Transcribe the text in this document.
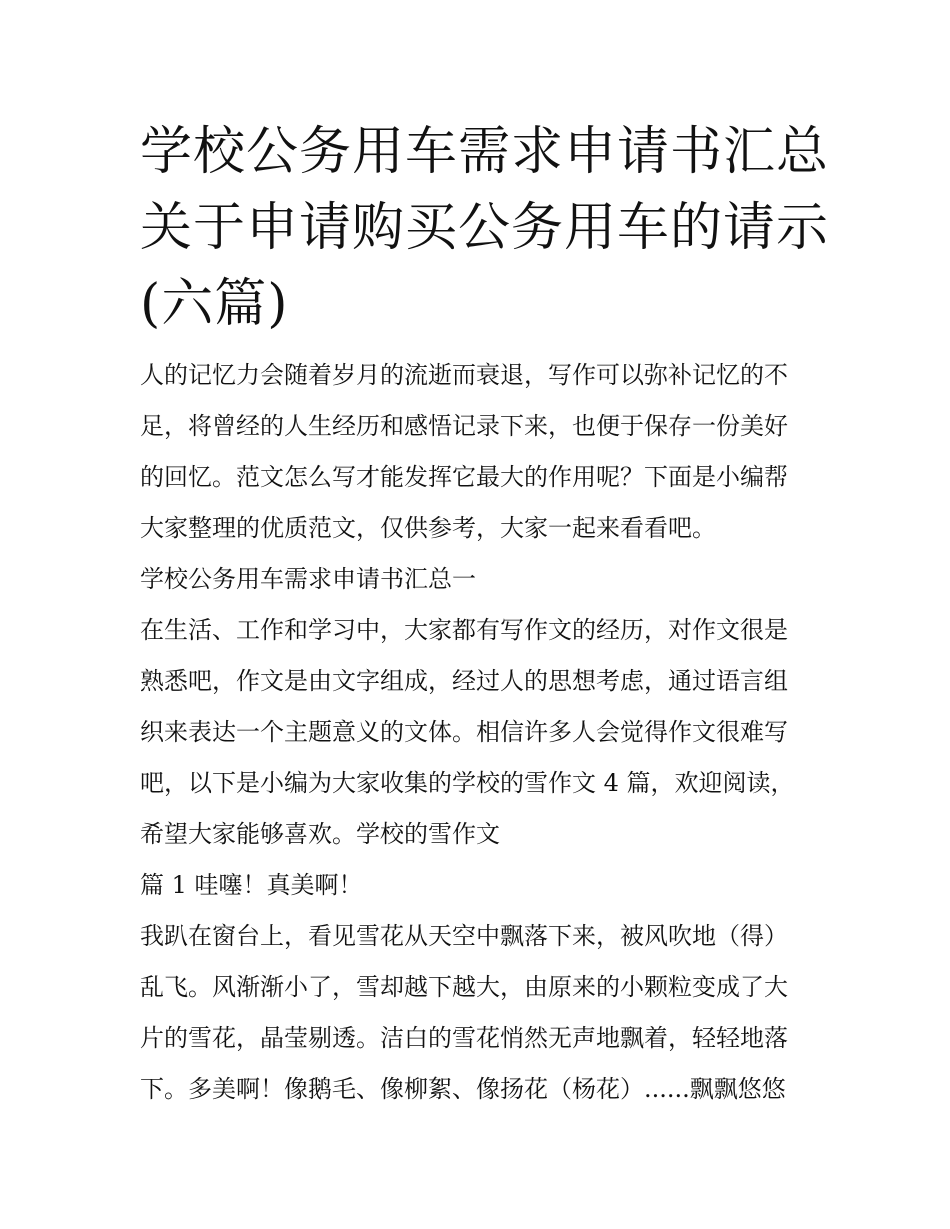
学校公务用车需求申请书汇总
关于申请购买公务用车的请示
(六篇)
人的记忆力会随着岁月的流逝而衰退，写作可以弥补记忆的不
足，将曾经的人生经历和感悟记录下来，也便于保存一份美好
的回忆。范文怎么写才能发挥它最大的作用呢？下面是小编帮
大家整理的优质范文，仅供参考，大家一起来看看吧。
学校公务用车需求申请书汇总一
在生活、工作和学习中，大家都有写作文的经历，对作文很是
熟悉吧，作文是由文字组成，经过人的思想考虑，通过语言组
织来表达一个主题意义的文体。相信许多人会觉得作文很难写
吧，以下是小编为大家收集的学校的雪作文 4 篇，欢迎阅读，
希望大家能够喜欢。学校的雪作文
篇 1 哇噻！真美啊！
我趴在窗台上，看见雪花从天空中飘落下来，被风吹地（得）
乱飞。风渐渐小了，雪却越下越大，由原来的小颗粒变成了大
片的雪花，晶莹剔透。洁白的雪花悄然无声地飘着，轻轻地落
下。多美啊！像鹅毛、像柳絮、像扬花（杨花）......飘飘悠悠
